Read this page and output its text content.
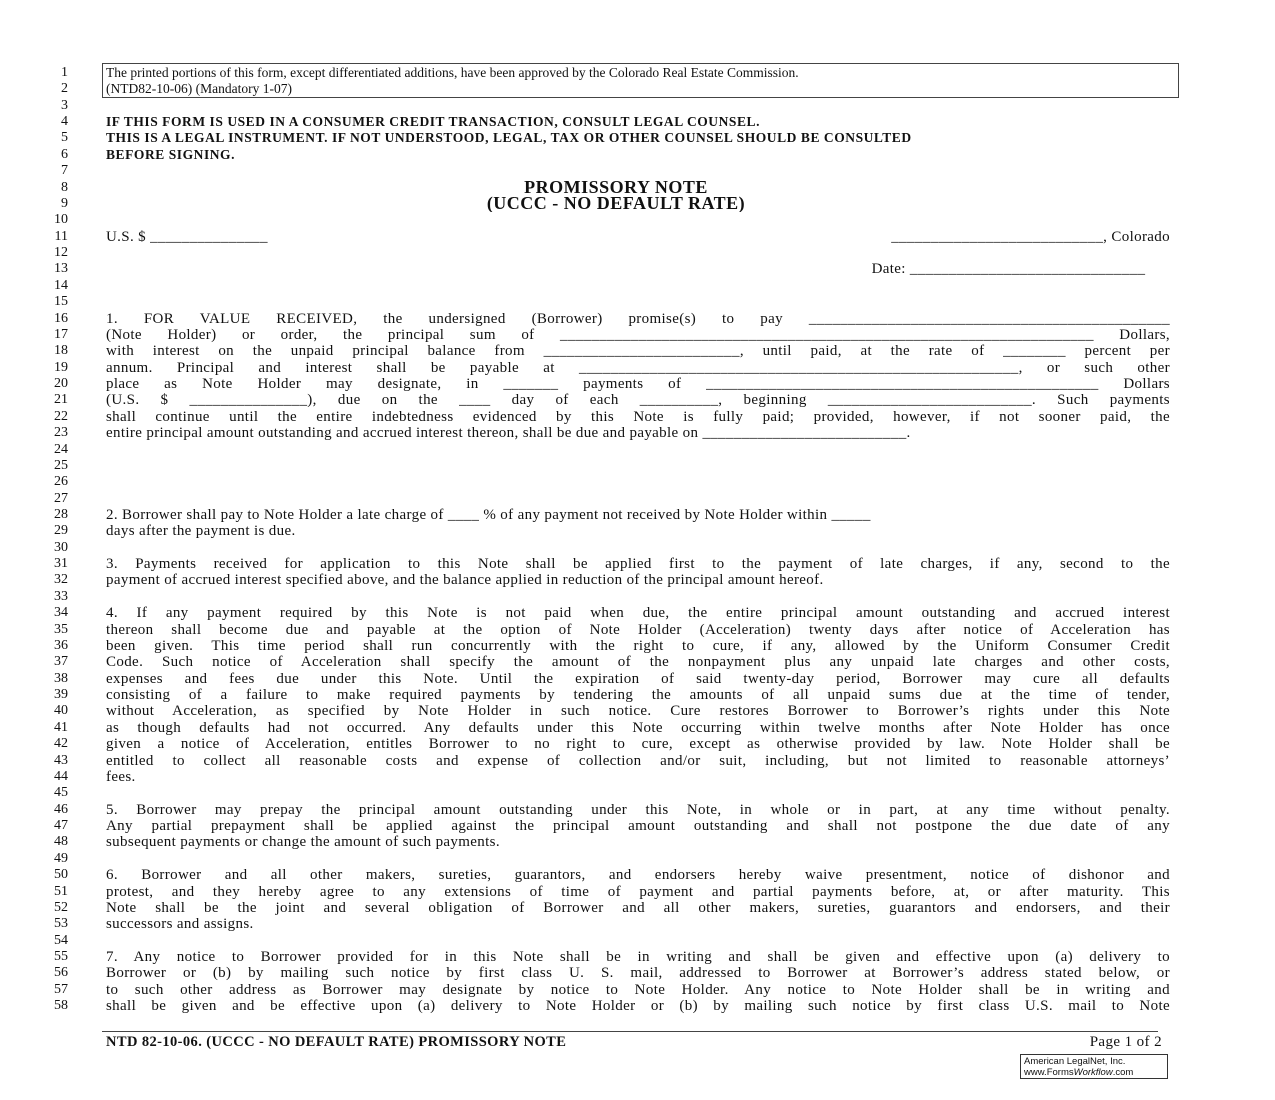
1	The printed portions of this form, except differentiated additions, have been approved by the Colorado Real Estate Commission.
2	(NTD82-10-06) (Mandatory 1-07)
3
4	IF THIS FORM IS USED IN A CONSUMER CREDIT TRANSACTION, CONSULT LEGAL COUNSEL.
5	THIS IS A LEGAL INSTRUMENT. IF NOT UNDERSTOOD, LEGAL, TAX OR OTHER COUNSEL SHOULD BE CONSULTED
6	BEFORE SIGNING.
7
8	PROMISSORY NOTE
9	(UCCC - NO DEFAULT RATE)
10
11	U.S. $ _______________	___________________________, Colorado
12
13	Date: ______________________________
14
15
16	1. FOR VALUE RECEIVED, the undersigned (Borrower) promise(s) to pay ______________________________________________
17	(Note Holder) or order, the principal sum of ____________________________________________________________________ Dollars,
18	with interest on the unpaid principal balance from _________________________, until paid, at the rate of ________ percent per
19	annum. Principal and interest shall be payable at ________________________________________________________, or such other
20	place as Note Holder may designate, in _______ payments of __________________________________________________ Dollars
21	(U.S. $ _______________), due on the ____ day of each __________, beginning __________________________. Such payments
22	shall continue until the entire indebtedness evidenced by this Note is fully paid; provided, however, if not sooner paid, the
23	entire principal amount outstanding and accrued interest thereon, shall be due and payable on __________________________.
24
25
26
27
28	2. Borrower shall pay to Note Holder a late charge of ____ % of any payment not received by Note Holder within _____
29	days after the payment is due.
30
31	3. Payments received for application to this Note shall be applied first to the payment of late charges, if any, second to the
32	payment of accrued interest specified above, and the balance applied in reduction of the principal amount hereof.
33
34	4. If any payment required by this Note is not paid when due, the entire principal amount outstanding and accrued interest
35	thereon shall become due and payable at the option of Note Holder (Acceleration) twenty days after notice of Acceleration has
36	been given. This time period shall run concurrently with the right to cure, if any, allowed by the Uniform Consumer Credit
37	Code. Such notice of Acceleration shall specify the amount of the nonpayment plus any unpaid late charges and other costs,
38	expenses and fees due under this Note. Until the expiration of said twenty-day period, Borrower may cure all defaults
39	consisting of a failure to make required payments by tendering the amounts of all unpaid sums due at the time of tender,
40	without Acceleration, as specified by Note Holder in such notice. Cure restores Borrower to Borrower’s rights under this Note
41	as though defaults had not occurred. Any defaults under this Note occurring within twelve months after Note Holder has once
42	given a notice of Acceleration, entitles Borrower to no right to cure, except as otherwise provided by law. Note Holder shall be
43	entitled to collect all reasonable costs and expense of collection and/or suit, including, but not limited to reasonable attorneys’
44	fees.
45
46	5. Borrower may prepay the principal amount outstanding under this Note, in whole or in part, at any time without penalty.
47	Any partial prepayment shall be applied against the principal amount outstanding and shall not postpone the due date of any
48	subsequent payments or change the amount of such payments.
49
50	6. Borrower and all other makers, sureties, guarantors, and endorsers hereby waive presentment, notice of dishonor and
51	protest, and they hereby agree to any extensions of time of payment and partial payments before, at, or after maturity. This
52	Note shall be the joint and several obligation of Borrower and all other makers, sureties, guarantors and endorsers, and their
53	successors and assigns.
54
55	7. Any notice to Borrower provided for in this Note shall be in writing and shall be given and effective upon (a) delivery to
56	Borrower or (b) by mailing such notice by first class U. S. mail, addressed to Borrower at Borrower’s address stated below, or
57	to such other address as Borrower may designate by notice to Note Holder. Any notice to Note Holder shall be in writing and
58	shall be given and be effective upon (a) delivery to Note Holder or (b) by mailing such notice by first class U.S. mail to Note
NTD 82-10-06. (UCCC - NO DEFAULT RATE) PROMISSORY NOTE	Page 1 of 2
American LegalNet, Inc.
www.FormsWorkflow.com
